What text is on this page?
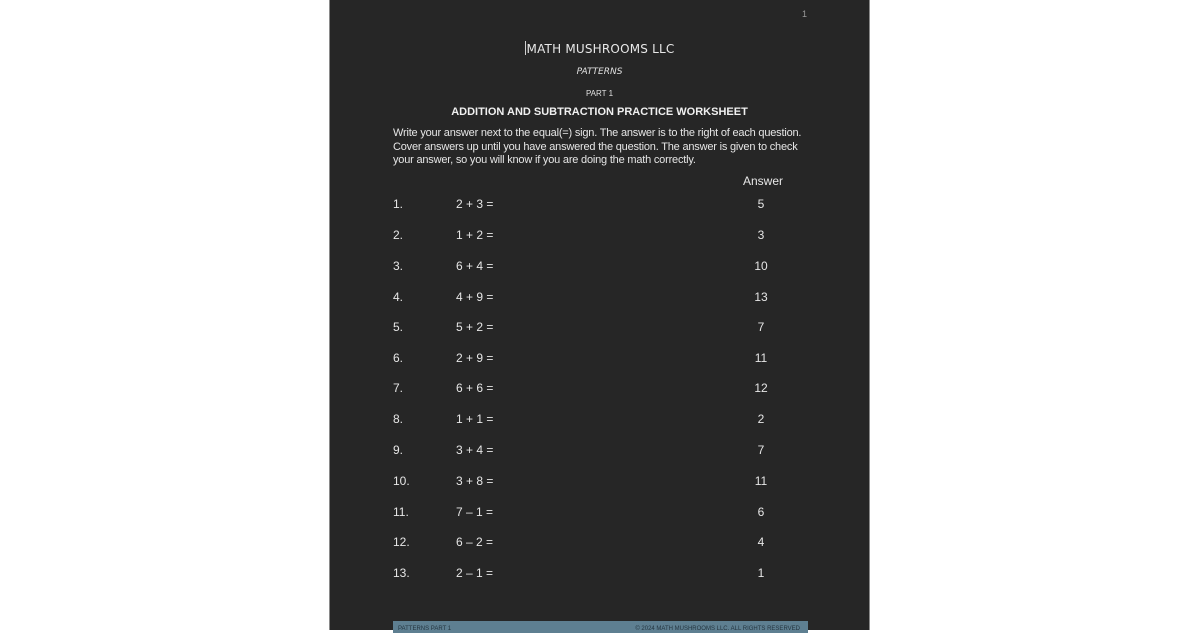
1
MATH MUSHROOMS LLC
PATTERNS
PART 1
ADDITION AND SUBTRACTION PRACTICE WORKSHEET
Write your answer next to the equal(=) sign. The answer is to the right of each question. Cover answers up until you have answered the question. The answer is given to check your answer, so you will know if you are doing the math correctly.
Answer
1.	2 + 3 =	5
2.	1 + 2 =	3
3.	6 + 4 =	10
4.	4 + 9 =	13
5.	5 + 2 =	7
6.	2 + 9 =	11
7.	6 + 6 =	12
8.	1 + 1 =	2
9.	3 + 4 =	7
10.	3 + 8 =	11
11.	7 – 1 =	6
12.	6 – 2 =	4
13.	2 – 1 =	1
PATTERNS PART 1	© 2024 MATH MUSHROOMS LLC. ALL RIGHTS RESERVED
